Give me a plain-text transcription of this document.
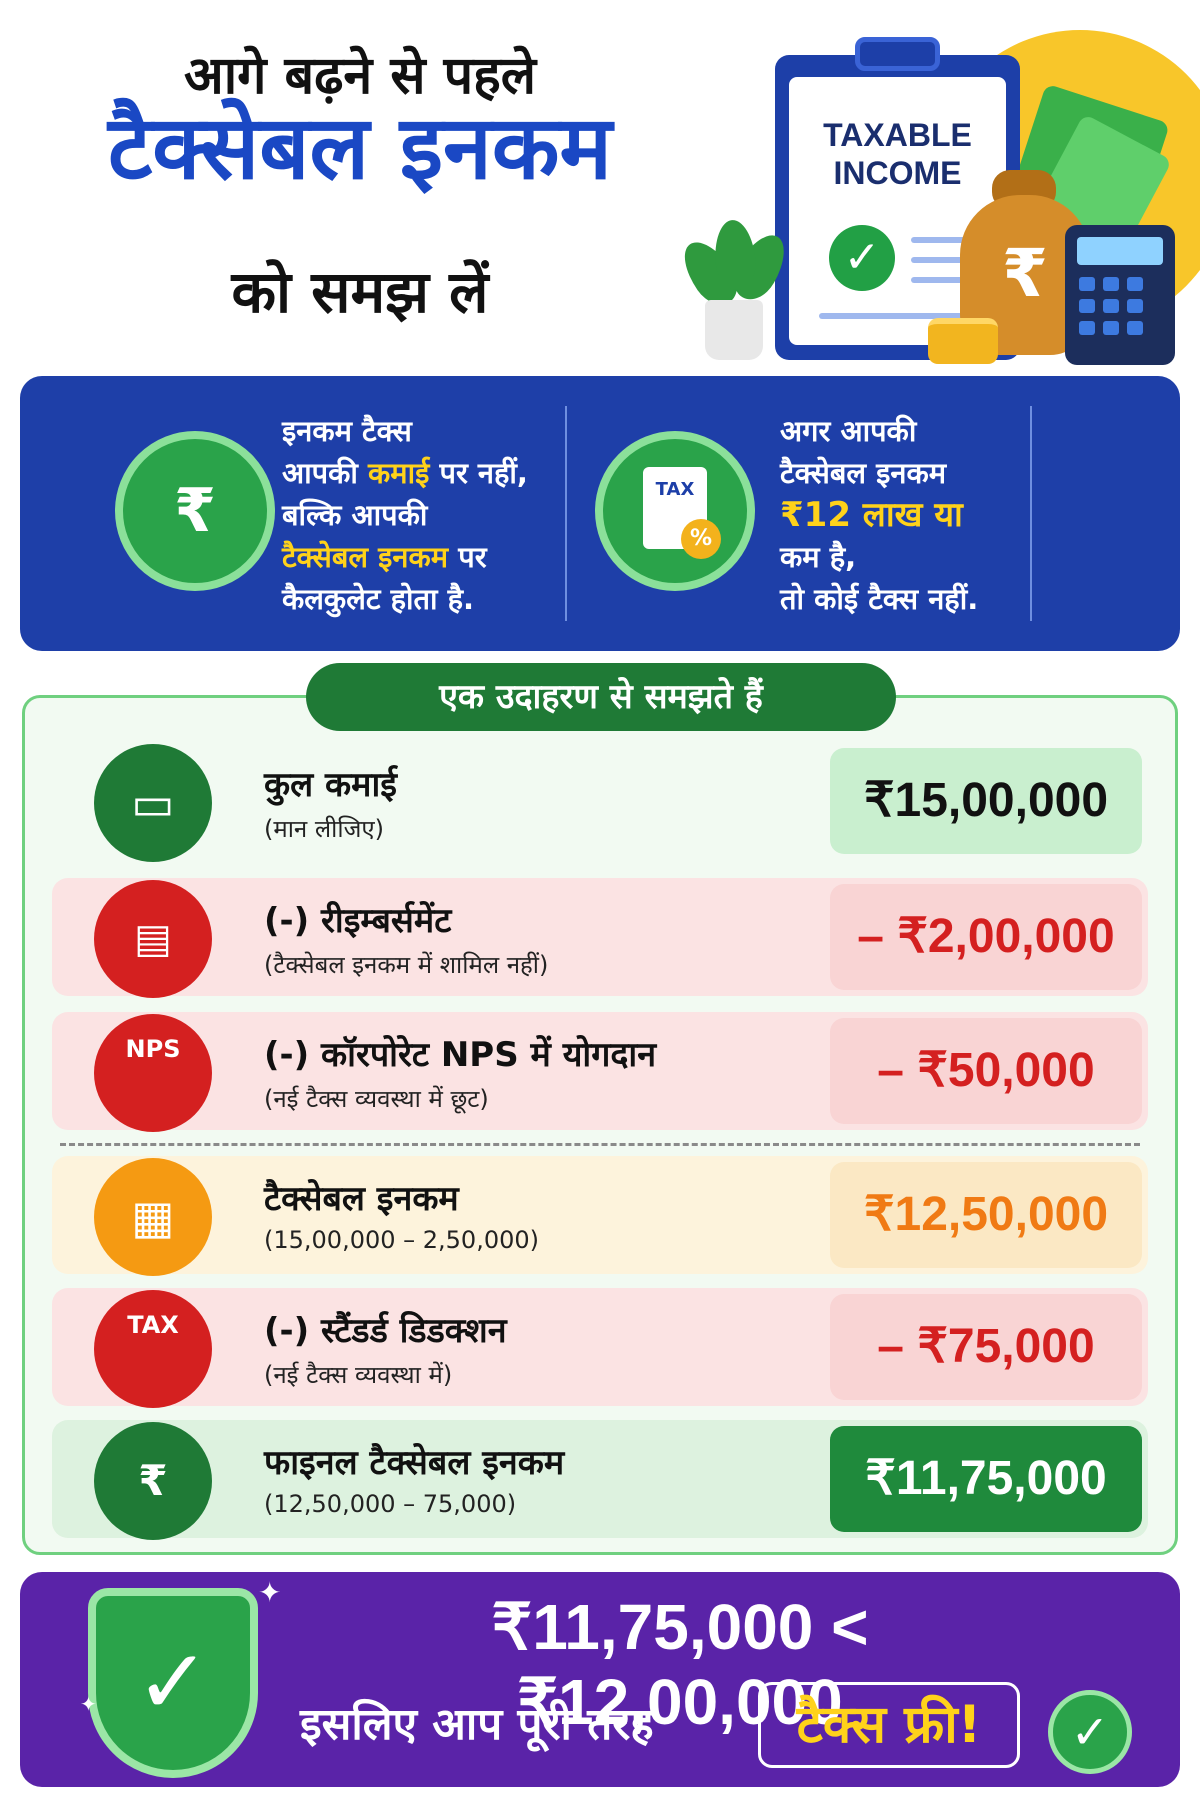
आगे बढ़ने से पहले
टैक्सेबल इनकम
को समझ लें
TAXABLE
INCOME
✓	₹
₹
इनकम टैक्स
आपकी कमाई पर नहीं,
बल्कि आपकी
टैक्सेबल इनकम पर
कैलकुलेट होता है.
TAX
%
अगर आपकी
टैक्सेबल इनकम
₹12 लाख या
कम है,
तो कोई टैक्स नहीं.
एक उदाहरण से समझते हैं
▭	कुल कमाई
(मान लीजिए)
₹15,00,000
▤	(-) रीइम्बर्समेंट
(टैक्सेबल इनकम में शामिल नहीं)
– ₹2,00,000
NPS	(-) कॉरपोरेट NPS में योगदान
(नई टैक्स व्यवस्था में छूट)
– ₹50,000
▦	टैक्सेबल इनकम
(15,00,000 – 2,50,000)	₹12,50,000
TAX	(-) स्टैंडर्ड डिडक्शन
(नई टैक्स व्यवस्था में)
– ₹75,000
₹	फाइनल टैक्सेबल इनकम
(12,50,000 – 75,000)	₹11,75,000
✓
✦
✦
₹11,75,000 < ₹12,00,000
इसलिए आप पूरी तरह	टैक्स फ्री!	✓
